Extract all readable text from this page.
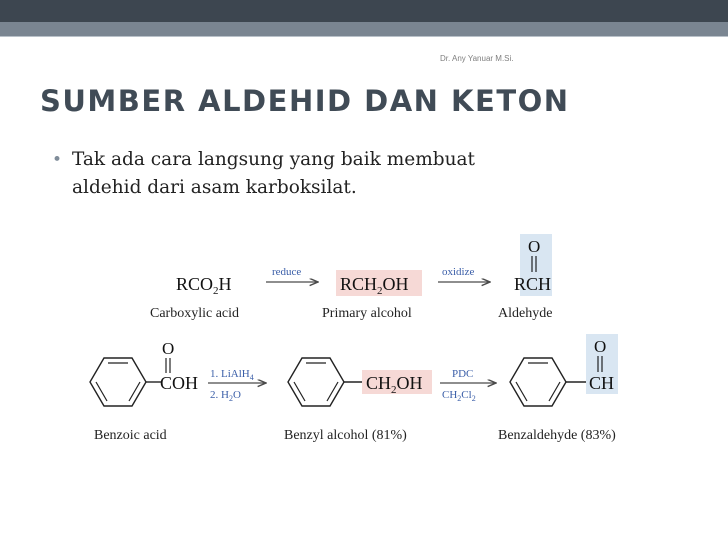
Dr. Any Yanuar M.Si.
SUMBER ALDEHID DAN KETON
• Tak ada cara langsung yang baik membuat
aldehid dari asam karboksilat.
$RCO_2H$
Carboxylic acid
reduce
$RCH_2OH$
Primary alcohol
oxidize
O
RCH
Aldehyde
O
COH
Benzoic acid
1. LiAlH$_4$
2. $H_2O$
$CH_2OH$
Benzyl alcohol (81%)
PDC
$CH_2Cl_2$
O
CH
Benzaldehyde (83%)
